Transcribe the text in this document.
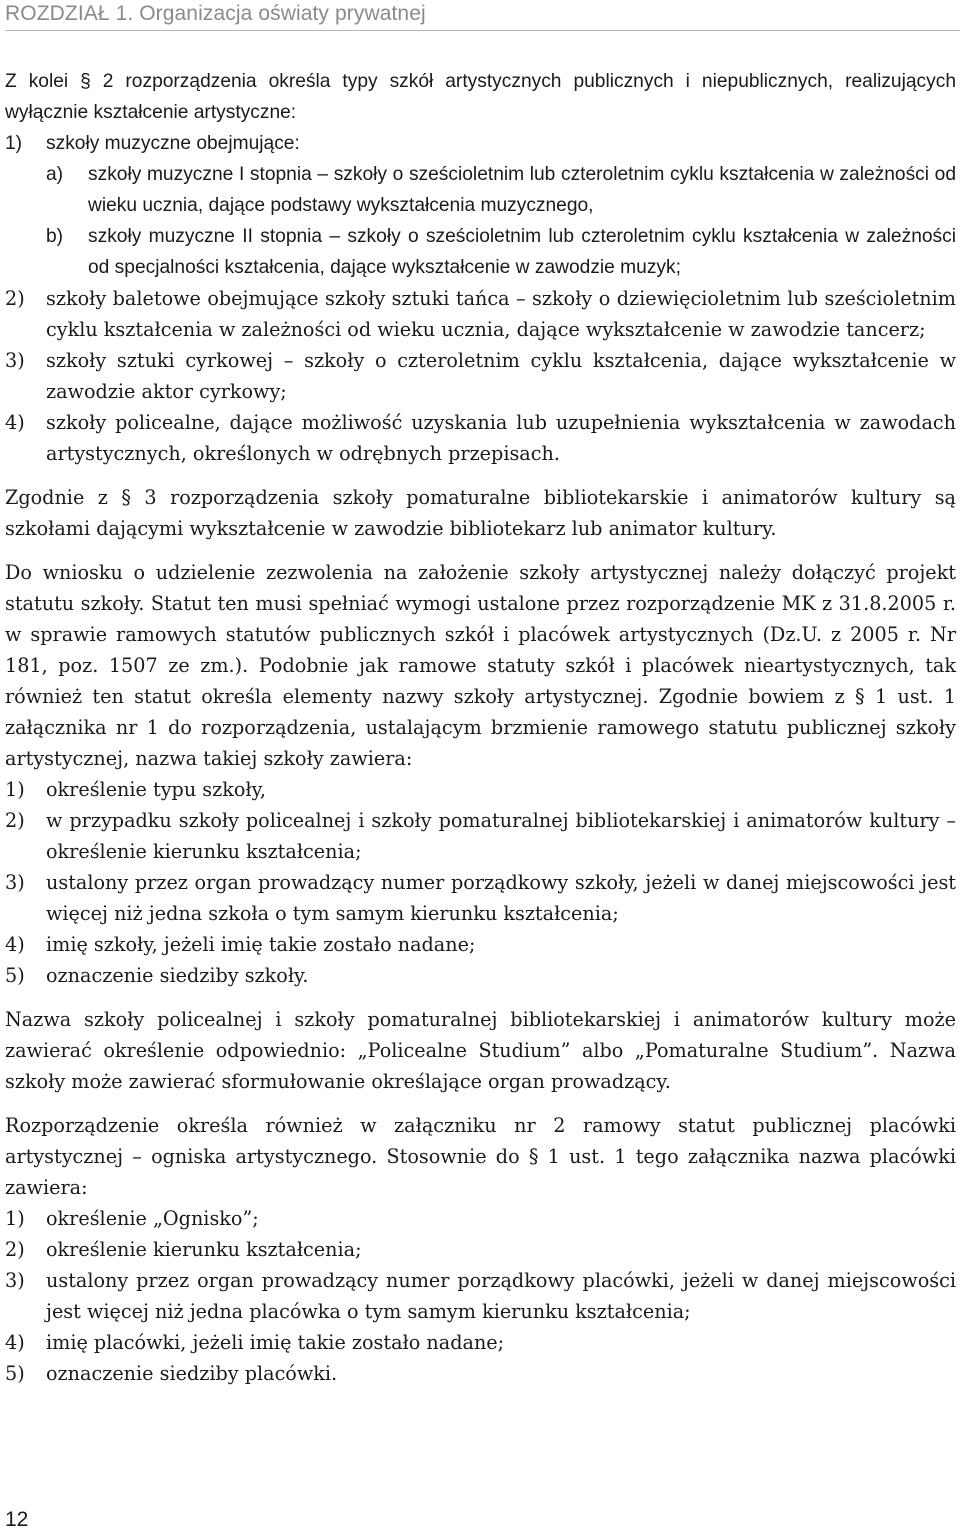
ROZDZIAŁ 1. Organizacja oświaty prywatnej
Z kolei § 2 rozporządzenia określa typy szkół artystycznych publicznych i niepublicznych, realizujących wyłącznie kształcenie artystyczne:
1)	szkoły muzyczne obejmujące:
a)	szkoły muzyczne I stopnia – szkoły o sześcioletnim lub czteroletnim cyklu kształcenia w zależności od wieku ucznia, dające podstawy wykształcenia muzycznego,
b)	szkoły muzyczne II stopnia – szkoły o sześcioletnim lub czteroletnim cyklu kształcenia w zależności od specjalności kształcenia, dające wykształcenie w zawodzie muzyk;
2)	szkoły baletowe obejmujące szkoły sztuki tańca – szkoły o dziewięcioletnim lub sześcioletnim cyklu kształcenia w zależności od wieku ucznia, dające wykształcenie w zawodzie tancerz;
3)	szkoły sztuki cyrkowej – szkoły o czteroletnim cyklu kształcenia, dające wykształcenie w zawodzie aktor cyrkowy;
4)	szkoły policealne, dające możliwość uzyskania lub uzupełnienia wykształcenia w zawodach artystycznych, określonych w odrębnych przepisach.

Zgodnie z § 3 rozporządzenia szkoły pomaturalne bibliotekarskie i animatorów kultury są szkołami dającymi wykształcenie w zawodzie bibliotekarz lub animator kultury.

Do wniosku o udzielenie zezwolenia na założenie szkoły artystycznej należy dołączyć projekt statutu szkoły. Statut ten musi spełniać wymogi ustalone przez rozporządzenie MK z 31.8.2005 r. w sprawie ramowych statutów publicznych szkół i placówek artystycznych (Dz.U. z 2005 r. Nr 181, poz. 1507 ze zm.). Podobnie jak ramowe statuty szkół i placówek nieartystycznych, tak również ten statut określa elementy nazwy szkoły artystycznej. Zgodnie bowiem z § 1 ust. 1 załącznika nr 1 do rozporządzenia, ustalającym brzmienie ramowego statutu publicznej szkoły artystycznej, nazwa takiej szkoły zawiera:
1)	określenie typu szkoły,
2)	w przypadku szkoły policealnej i szkoły pomaturalnej bibliotekarskiej i animatorów kultury – określenie kierunku kształcenia;
3)	ustalony przez organ prowadzący numer porządkowy szkoły, jeżeli w danej miejscowości jest więcej niż jedna szkoła o tym samym kierunku kształcenia;
4)	imię szkoły, jeżeli imię takie zostało nadane;
5)	oznaczenie siedziby szkoły.

Nazwa szkoły policealnej i szkoły pomaturalnej bibliotekarskiej i animatorów kultury może zawierać określenie odpowiednio: „Policealne Studium” albo „Pomaturalne Studium”. Nazwa szkoły może zawierać sformułowanie określające organ prowadzący.

Rozporządzenie określa również w załączniku nr 2 ramowy statut publicznej placówki artystycznej – ogniska artystycznego. Stosownie do § 1 ust. 1 tego załącznika nazwa placówki zawiera:
1)	określenie „Ognisko”;
2)	określenie kierunku kształcenia;
3)	ustalony przez organ prowadzący numer porządkowy placówki, jeżeli w danej miejscowości jest więcej niż jedna placówka o tym samym kierunku kształcenia;
4)	imię placówki, jeżeli imię takie zostało nadane;
5)	oznaczenie siedziby placówki.
12
